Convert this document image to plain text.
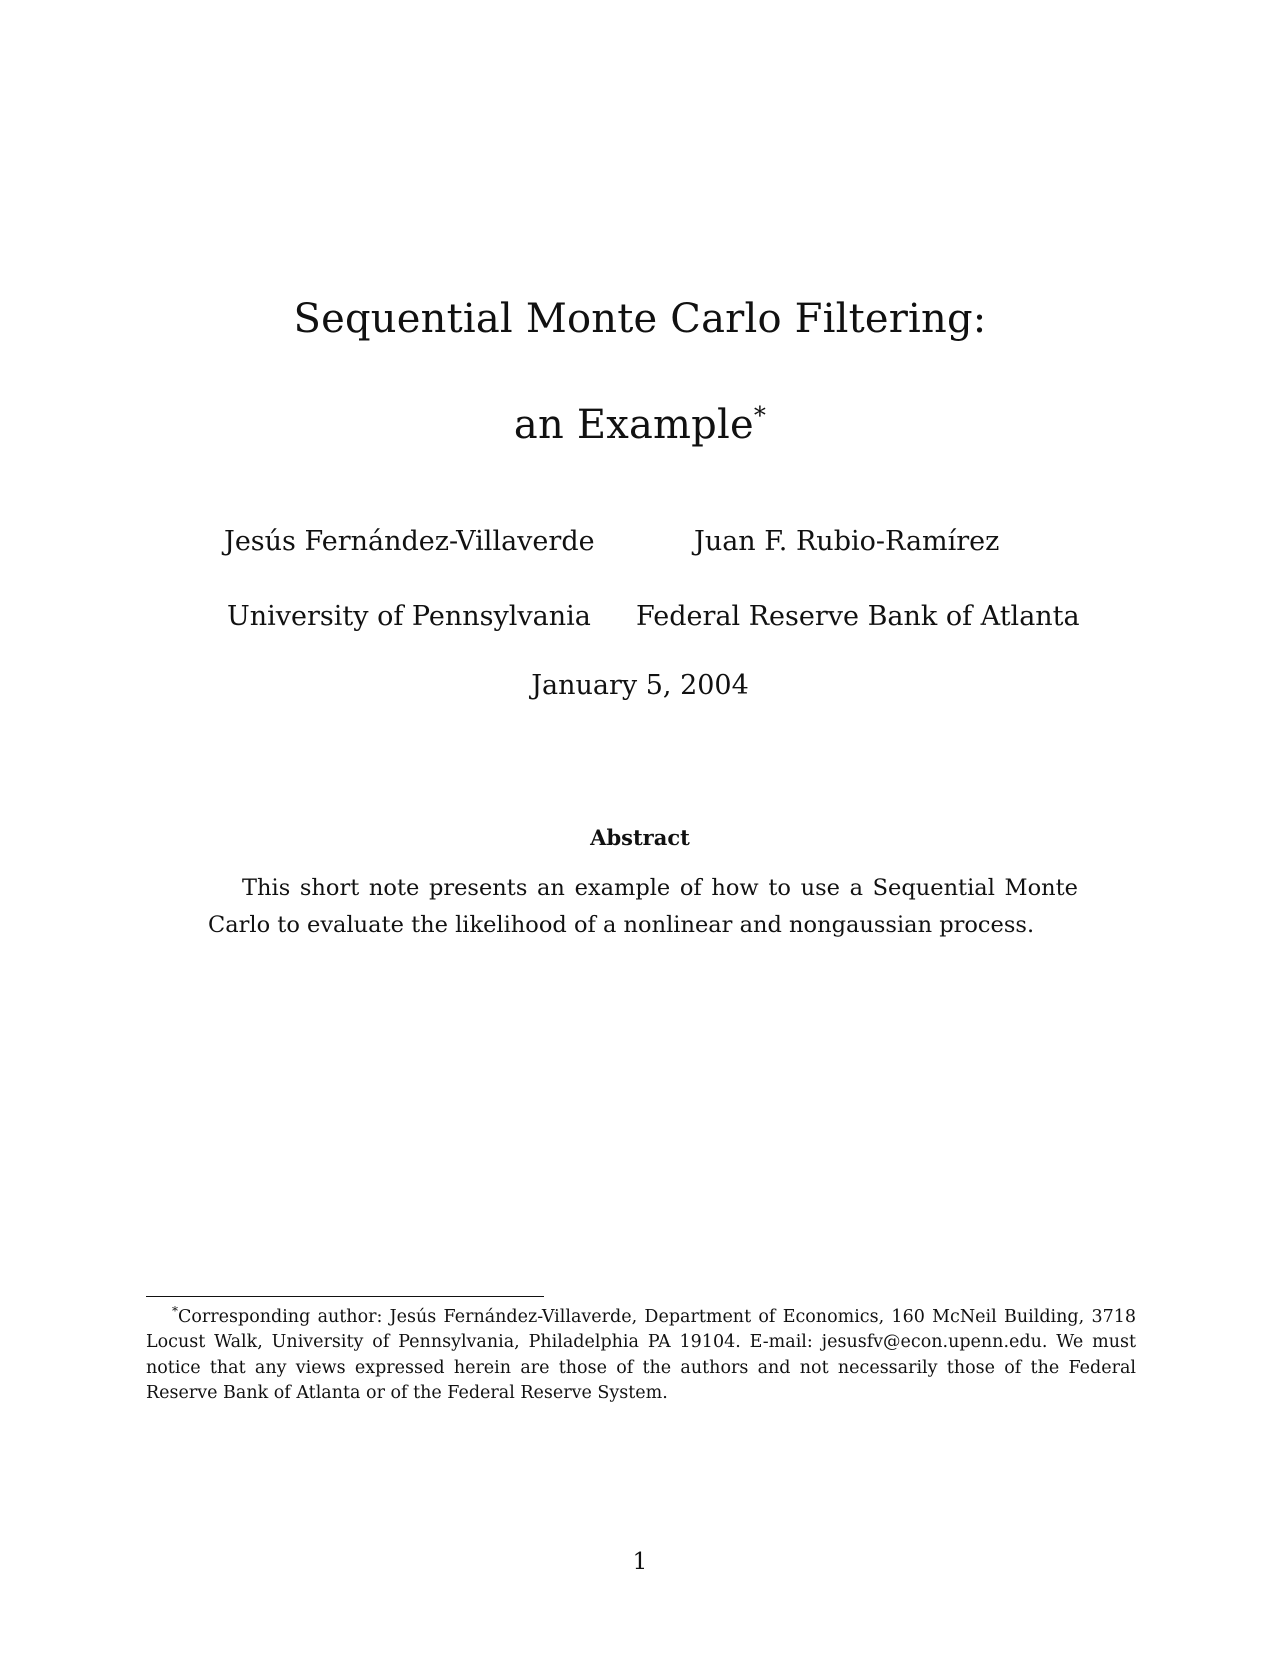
Sequential Monte Carlo Filtering:
an Example*
Jesús Fernández-Villaverde	Juan F. Rubio-Ramírez
University of Pennsylvania Federal Reserve Bank of Atlanta
January 5, 2004
Abstract
This short note presents an example of how to use a Sequential Monte Carlo to evaluate the likelihood of a nonlinear and nongaussian process.
*Corresponding author: Jesús Fernández-Villaverde, Department of Economics, 160 McNeil Building, 3718 Locust Walk, University of Pennsylvania, Philadelphia PA 19104. E-mail: jesusfv@econ.upenn.edu. We must notice that any views expressed herein are those of the authors and not necessarily those of the Federal Reserve Bank of Atlanta or of the Federal Reserve System.
1
